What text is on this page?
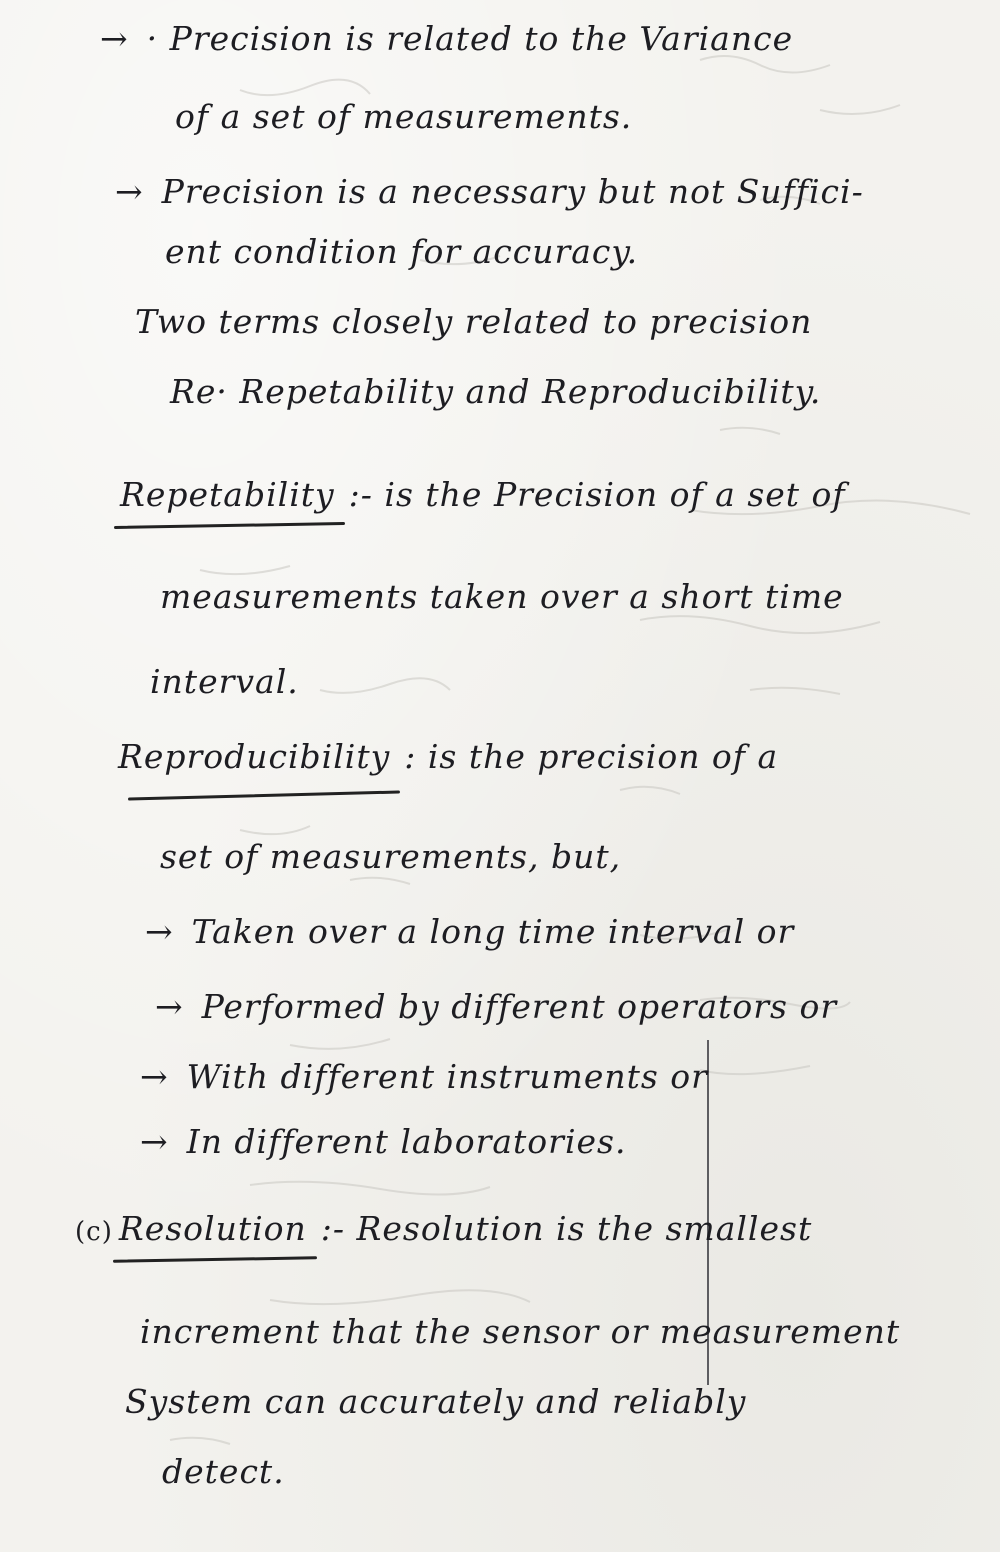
→ · Precision is related to the Variance
of a set of measurements.
→ Precision is a necessary but not Suffici-
ent condition for accuracy.
Two terms closely related to precision
Re· Repetability and Reproducibility.
Repetability :- is the Precision of a set of
measurements taken over a short time
interval.
Reproducibility : is the precision of a
set of measurements, but,
→ Taken over a long time interval or
→ Performed by different operators or
→ With different instruments or
→ In different laboratories.
(c) Resolution :- Resolution is the smallest
increment that the sensor or measurement
System can accurately and reliably
detect.
